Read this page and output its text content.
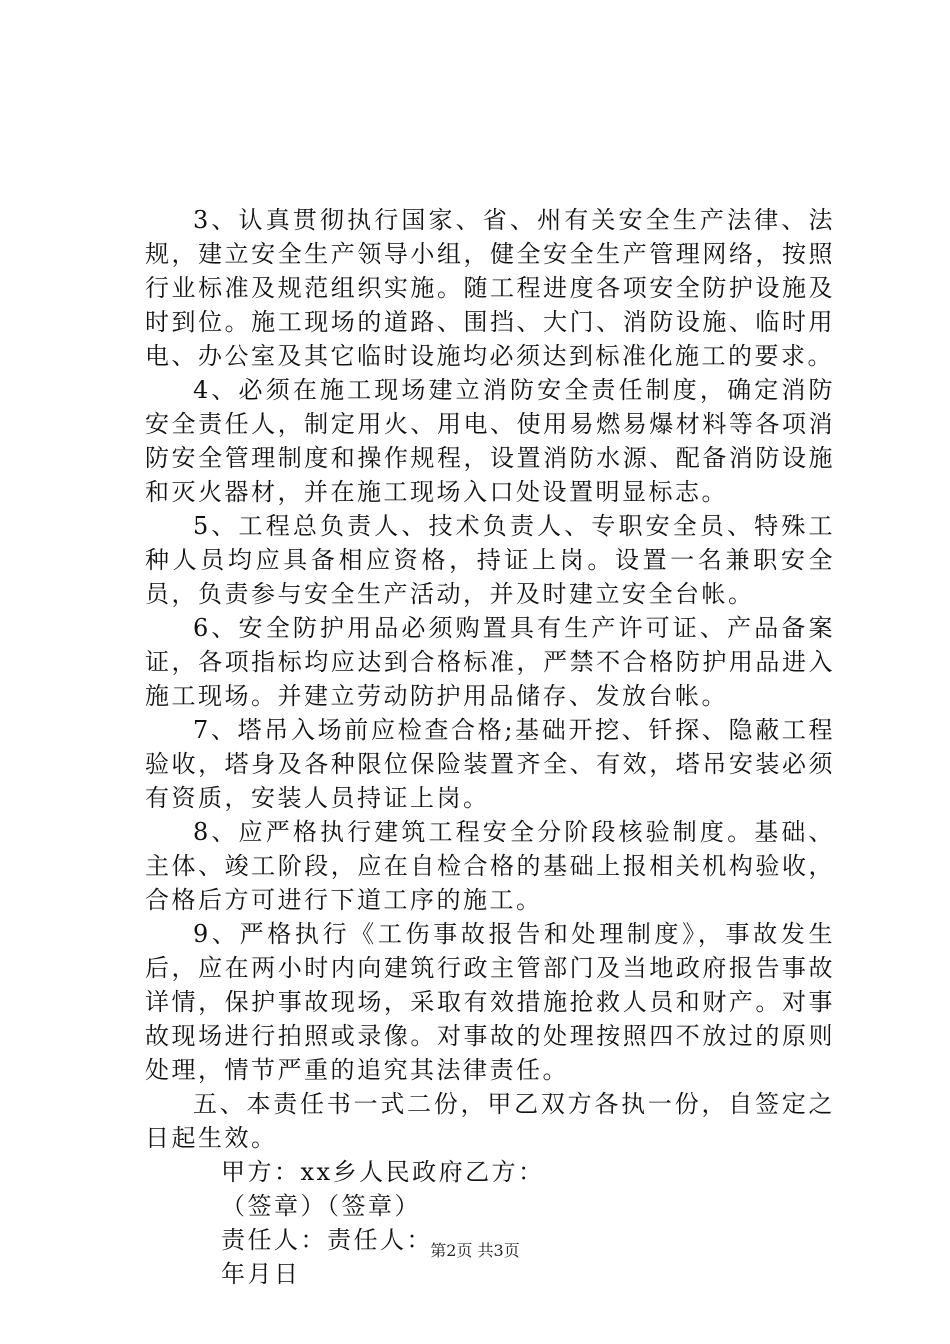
3、认真贯彻执行国家、省、州有关安全生产法律、法规，建立安全生产领导小组，健全安全生产管理网络，按照行业标准及规范组织实施。随工程进度各项安全防护设施及时到位。施工现场的道路、围挡、大门、消防设施、临时用电、办公室及其它临时设施均必须达到标准化施工的要求。

4、必须在施工现场建立消防安全责任制度，确定消防安全责任人，制定用火、用电、使用易燃易爆材料等各项消防安全管理制度和操作规程，设置消防水源、配备消防设施和灭火器材，并在施工现场入口处设置明显标志。

5、工程总负责人、技术负责人、专职安全员、特殊工种人员均应具备相应资格，持证上岗。设置一名兼职安全员，负责参与安全生产活动，并及时建立安全台帐。

6、安全防护用品必须购置具有生产许可证、产品备案证，各项指标均应达到合格标准，严禁不合格防护用品进入施工现场。并建立劳动防护用品储存、发放台帐。

7、塔吊入场前应检查合格;基础开挖、钎探、隐蔽工程验收，塔身及各种限位保险装置齐全、有效，塔吊安装必须有资质，安装人员持证上岗。

8、应严格执行建筑工程安全分阶段核验制度。基础、主体、竣工阶段，应在自检合格的基础上报相关机构验收，合格后方可进行下道工序的施工。

9、严格执行《工伤事故报告和处理制度》，事故发生后，应在两小时内向建筑行政主管部门及当地政府报告事故详情，保护事故现场，采取有效措施抢救人员和财产。对事故现场进行拍照或录像。对事故的处理按照四不放过的原则处理，情节严重的追究其法律责任。

五、本责任书一式二份，甲乙双方各执一份，自签定之日起生效。

甲方：xx乡人民政府乙方：

（签章）（签章）

责任人：责任人：

年月日

第2页 共3页
